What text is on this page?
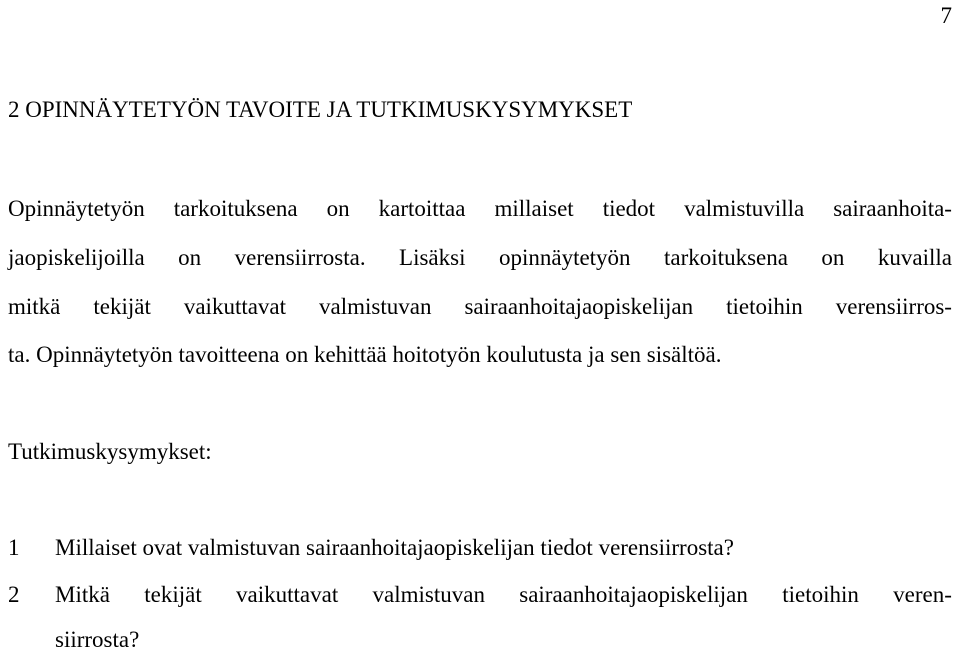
7
2 OPINNÄYTETYÖN TAVOITE JA TUTKIMUSKYSYMYKSET
Opinnäytetyön tarkoituksena on kartoittaa millaiset tiedot valmistuvilla sairaanhoita-
jaopiskelijoilla on verensiirrosta. Lisäksi opinnäytetyön tarkoituksena on kuvailla
mitkä tekijät vaikuttavat valmistuvan sairaanhoitajaopiskelijan tietoihin verensiirros-
ta. Opinnäytetyön tavoitteena on kehittää hoitotyön koulutusta ja sen sisältöä.
Tutkimuskysymykset:
1 Millaiset ovat valmistuvan sairaanhoitajaopiskelijan tiedot verensiirrosta?
2 Mitkä tekijät vaikuttavat valmistuvan sairaanhoitajaopiskelijan tietoihin veren-
siirrosta?
